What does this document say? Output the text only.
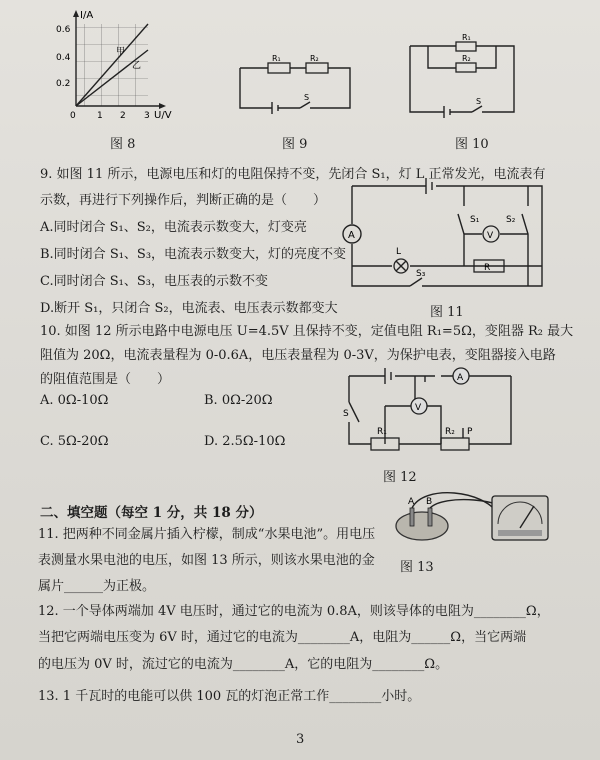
I/A
0.6
0.4
0.2
0 1 2 3 U/V
甲
乙
图 8
R₁	R₂
S
图 9
R₁
R₂
S
图 10
9. 如图 11 所示，电源电压和灯的电阻保持不变，先闭合 S₁，灯 L 正常发光，电流表有
示数，再进行下列操作后，判断正确的是（　　）
A.同时闭合 S₁、S₂，电流表示数变大，灯变亮
B.同时闭合 S₁、S₃，电流表示数变大，灯的亮度不变
C.同时闭合 S₁、S₃，电压表的示数不变
D.断开 S₁，只闭合 S₂，电流表、电压表示数都变大
A
L
S₁	S₂
V
R
S₃
图 11
10. 如图 12 所示电路中电源电压 U=4.5V 且保持不变，定值电阻 R₁=5Ω，变阻器 R₂ 最大
阻值为 20Ω，电流表量程为 0-0.6A，电压表量程为 0-3V，为保护电表，变阻器接入电路
的阻值范围是（　　）
A. 0Ω-10Ω	B. 0Ω-20Ω
C. 5Ω-20Ω	D. 2.5Ω-10Ω
A
V
R₁	R₂ P
S
图 12
二、填空题（每空 1 分，共 18 分）
11. 把两种不同金属片插入柠檬，制成“水果电池”。用电压
表测量水果电池的电压，如图 13 所示，则该水果电池的金
属片______为正极。
A B
图 13
12. 一个导体两端加 4V 电压时，通过它的电流为 0.8A，则该导体的电阻为________Ω，
当把它两端电压变为 6V 时，通过它的电流为________A，电阻为______Ω，当它两端
的电压为 0V 时，流过它的电流为________A，它的电阻为________Ω。
13. 1 千瓦时的电能可以供 100 瓦的灯泡正常工作________小时。
3
